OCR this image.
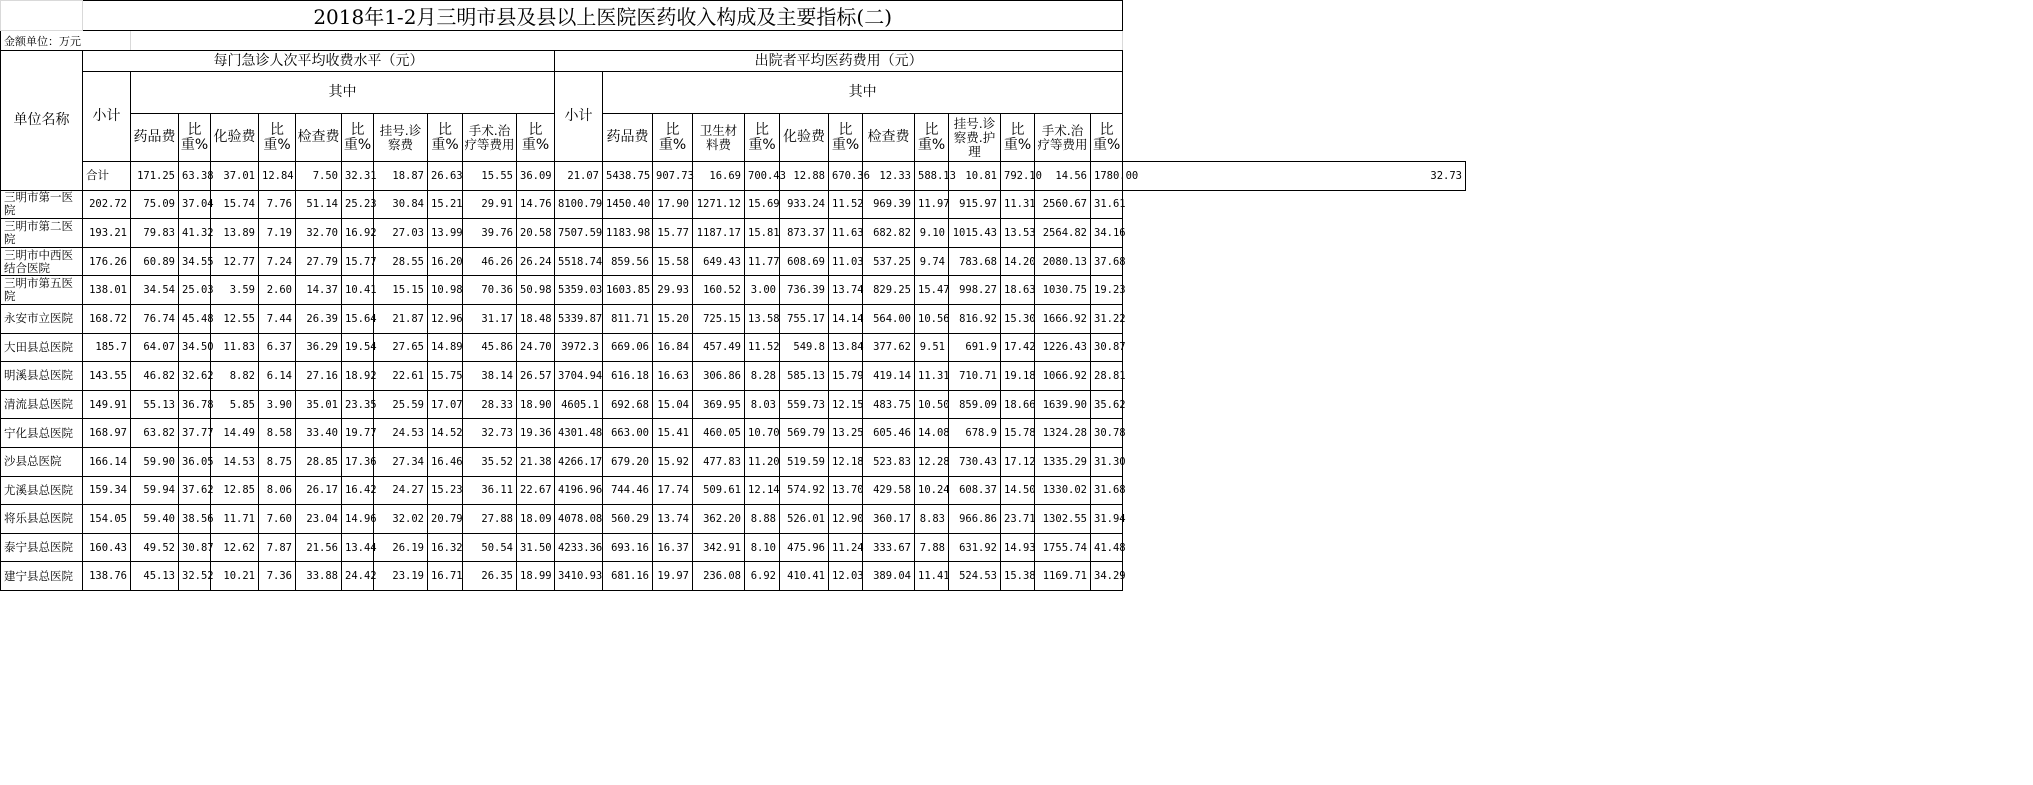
	2018年1-2月三明市县及县以上医院医药收入构成及主要指标(二)																								
金额单位：万元																									
单位名称	每门急诊人次平均收费水平（元）											出院者平均医药费用（元）													
	小计	其中										小计	其中												
		药品费	比重%	化验费	比重%	检查费	比重%	挂号.诊察费	比重%	手术.治疗等费用	比重%		药品费	比重%	卫生材料费	比重%	化验费	比重%	检查费	比重%	挂号.诊察费.护理	比重%	手术.治疗等费用	比重%	
	合计	171.25	63.38	37.01	12.84	7.50	32.31	18.87	26.63	15.55	36.09	21.07	5438.75	907.73	16.69	700.43	12.88	670.36	12.33	588.13	10.81	792.10	14.56	1780.00	32.73
三明市第一医院	202.72	75.09	37.04	15.74	7.76	51.14	25.23	30.84	15.21	29.91	14.76	8100.79	1450.40	17.90	1271.12	15.69	933.24	11.52	969.39	11.97	915.97	11.31	2560.67	31.61	
三明市第二医院	193.21	79.83	41.32	13.89	7.19	32.70	16.92	27.03	13.99	39.76	20.58	7507.59	1183.98	15.77	1187.17	15.81	873.37	11.63	682.82	9.10	1015.43	13.53	2564.82	34.16	
三明市中西医结合医院	176.26	60.89	34.55	12.77	7.24	27.79	15.77	28.55	16.20	46.26	26.24	5518.74	859.56	15.58	649.43	11.77	608.69	11.03	537.25	9.74	783.68	14.20	2080.13	37.68	
三明市第五医院	138.01	34.54	25.03	3.59	2.60	14.37	10.41	15.15	10.98	70.36	50.98	5359.03	1603.85	29.93	160.52	3.00	736.39	13.74	829.25	15.47	998.27	18.63	1030.75	19.23	
永安市立医院	168.72	76.74	45.48	12.55	7.44	26.39	15.64	21.87	12.96	31.17	18.48	5339.87	811.71	15.20	725.15	13.58	755.17	14.14	564.00	10.56	816.92	15.30	1666.92	31.22	
大田县总医院	185.7	64.07	34.50	11.83	6.37	36.29	19.54	27.65	14.89	45.86	24.70	3972.3	669.06	16.84	457.49	11.52	549.8	13.84	377.62	9.51	691.9	17.42	1226.43	30.87	
明溪县总医院	143.55	46.82	32.62	8.82	6.14	27.16	18.92	22.61	15.75	38.14	26.57	3704.94	616.18	16.63	306.86	8.28	585.13	15.79	419.14	11.31	710.71	19.18	1066.92	28.81	
清流县总医院	149.91	55.13	36.78	5.85	3.90	35.01	23.35	25.59	17.07	28.33	18.90	4605.1	692.68	15.04	369.95	8.03	559.73	12.15	483.75	10.50	859.09	18.66	1639.90	35.62	
宁化县总医院	168.97	63.82	37.77	14.49	8.58	33.40	19.77	24.53	14.52	32.73	19.36	4301.48	663.00	15.41	460.05	10.70	569.79	13.25	605.46	14.08	678.9	15.78	1324.28	30.78	
沙县总医院	166.14	59.90	36.05	14.53	8.75	28.85	17.36	27.34	16.46	35.52	21.38	4266.17	679.20	15.92	477.83	11.20	519.59	12.18	523.83	12.28	730.43	17.12	1335.29	31.30	
尤溪县总医院	159.34	59.94	37.62	12.85	8.06	26.17	16.42	24.27	15.23	36.11	22.67	4196.96	744.46	17.74	509.61	12.14	574.92	13.70	429.58	10.24	608.37	14.50	1330.02	31.68	
将乐县总医院	154.05	59.40	38.56	11.71	7.60	23.04	14.96	32.02	20.79	27.88	18.09	4078.08	560.29	13.74	362.20	8.88	526.01	12.90	360.17	8.83	966.86	23.71	1302.55	31.94	
泰宁县总医院	160.43	49.52	30.87	12.62	7.87	21.56	13.44	26.19	16.32	50.54	31.50	4233.36	693.16	16.37	342.91	8.10	475.96	11.24	333.67	7.88	631.92	14.93	1755.74	41.48	
建宁县总医院	138.76	45.13	32.52	10.21	7.36	33.88	24.42	23.19	16.71	26.35	18.99	3410.93	681.16	19.97	236.08	6.92	410.41	12.03	389.04	11.41	524.53	15.38	1169.71	34.29	
